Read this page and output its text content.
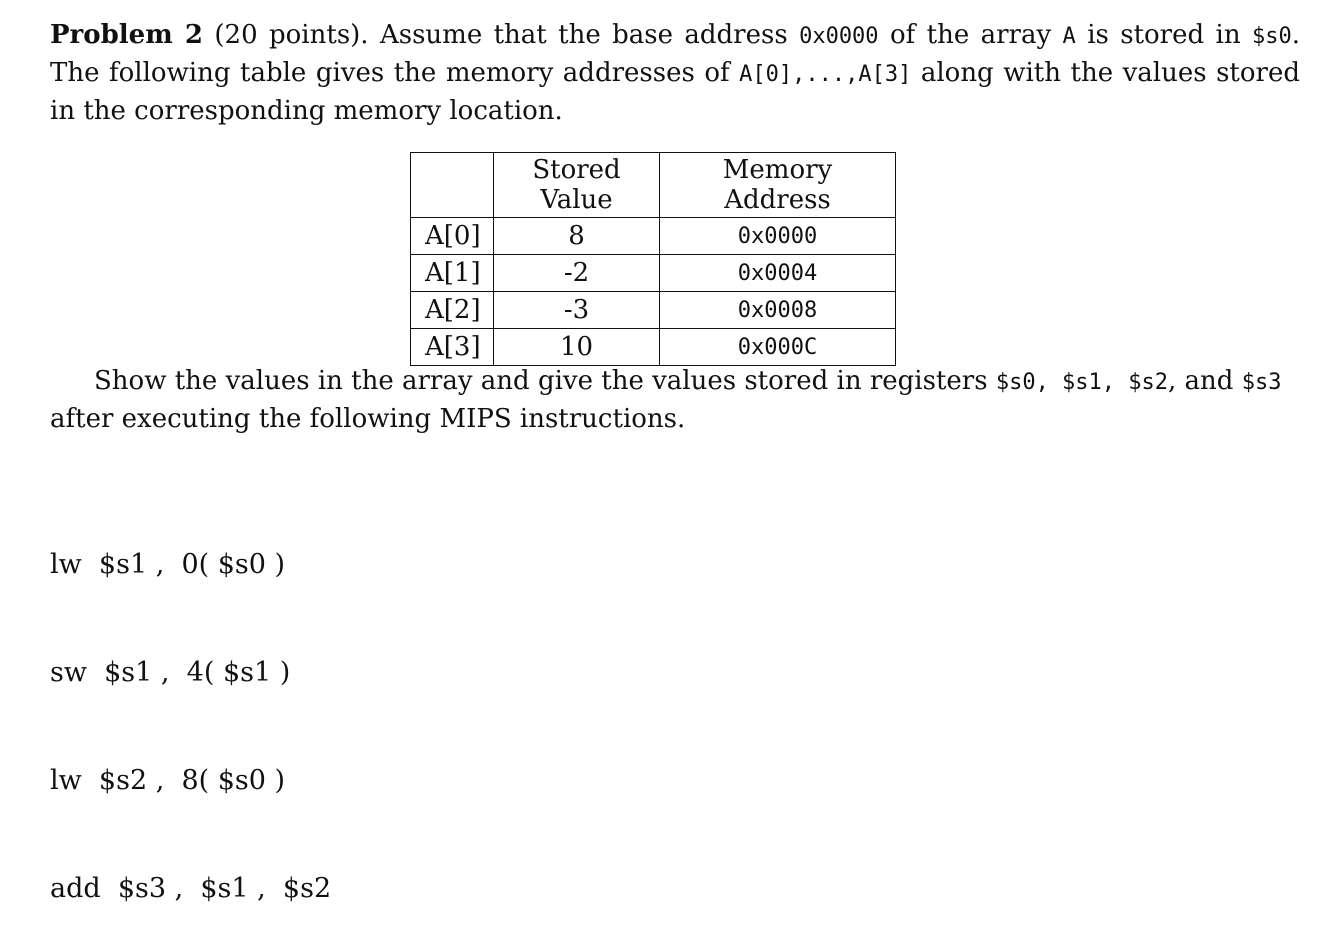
Problem 2 (20 points). Assume that the base address 0x0000 of the array A is stored in $s0. The following table gives the memory addresses of A[0],...,A[3] along with the values stored in the corresponding memory location.

	Stored Value	Memory Address
A[0]	8	0x0000
A[1]	-2	0x0004
A[2]	-3	0x0008
A[3]	10	0x000C

Show the values in the array and give the values stored in registers $s0, $s1, $s2, and $s3 after executing the following MIPS instructions.

lw  $s1 ,  0( $s0 )

sw  $s1 ,  4( $s1 )

lw  $s2 ,  8( $s0 )

add  $s3 ,  $s1 ,  $s2
